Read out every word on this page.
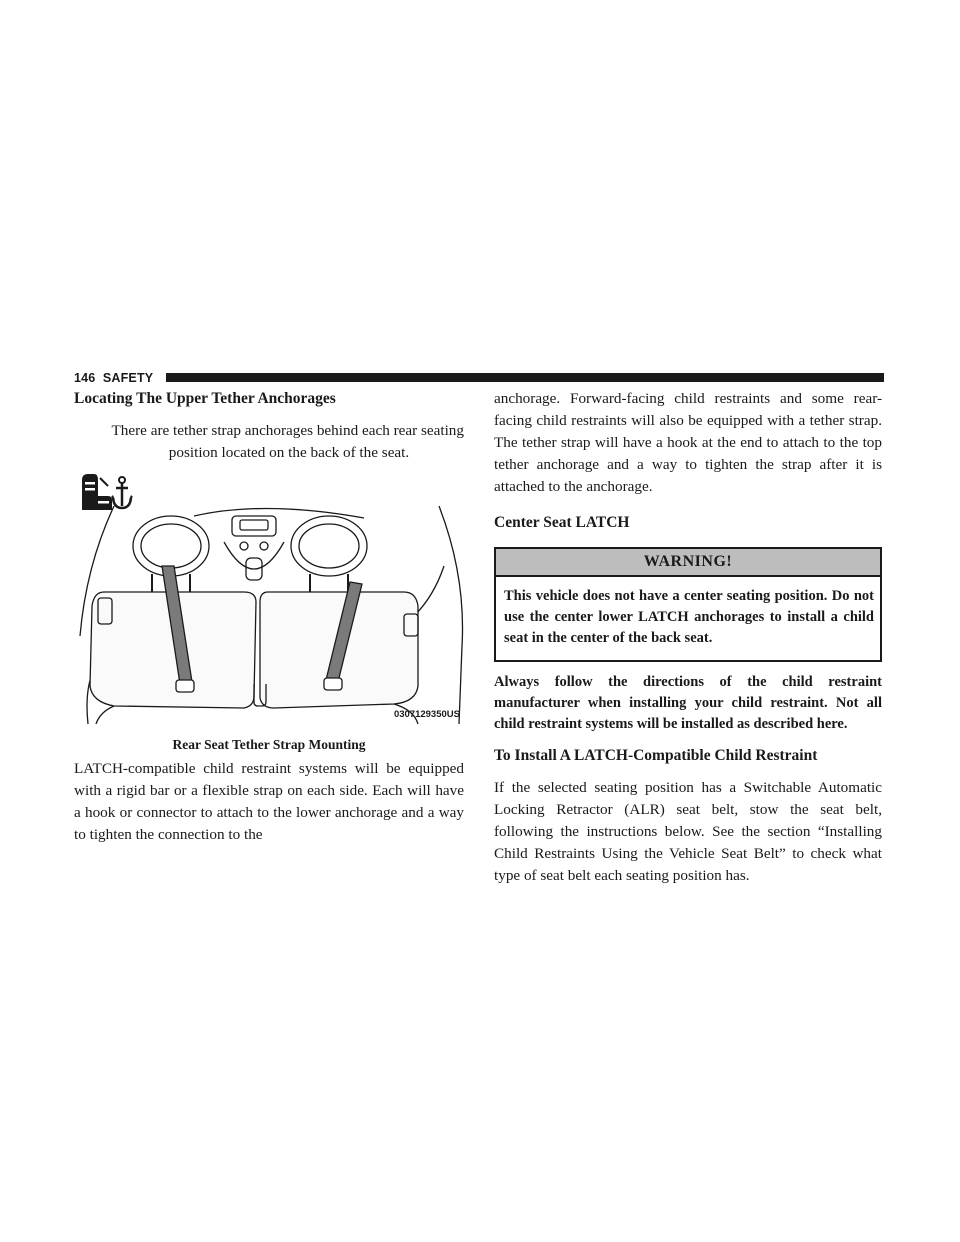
146 SAFETY
Locating The Upper Tether Anchorages
There are tether strap anchorages behind each rear seating
position located on the back of the seat.
0307129350US
Rear Seat Tether Strap Mounting

LATCH-compatible child restraint systems will be equipped with a rigid bar or a flexible strap on each side. Each will have a hook or connector to attach to the lower anchorage and a way to tighten the connection to the

anchorage. Forward-facing child restraints and some rear-facing child restraints will also be equipped with a tether strap. The tether strap will have a hook at the end to attach to the top tether anchorage and a way to tighten the strap after it is attached to the anchorage.

Center Seat LATCH
WARNING!
This vehicle does not have a center seating position. Do not use the center lower LATCH anchorages to install a child seat in the center of the back seat.

Always follow the directions of the child restraint manufacturer when installing your child restraint. Not all child restraint systems will be installed as described here.

To Install A LATCH-Compatible Child Restraint

If the selected seating position has a Switchable Automatic Locking Retractor (ALR) seat belt, stow the seat belt, following the instructions below. See the section “Installing Child Restraints Using the Vehicle Seat Belt” to check what type of seat belt each seating position has.
